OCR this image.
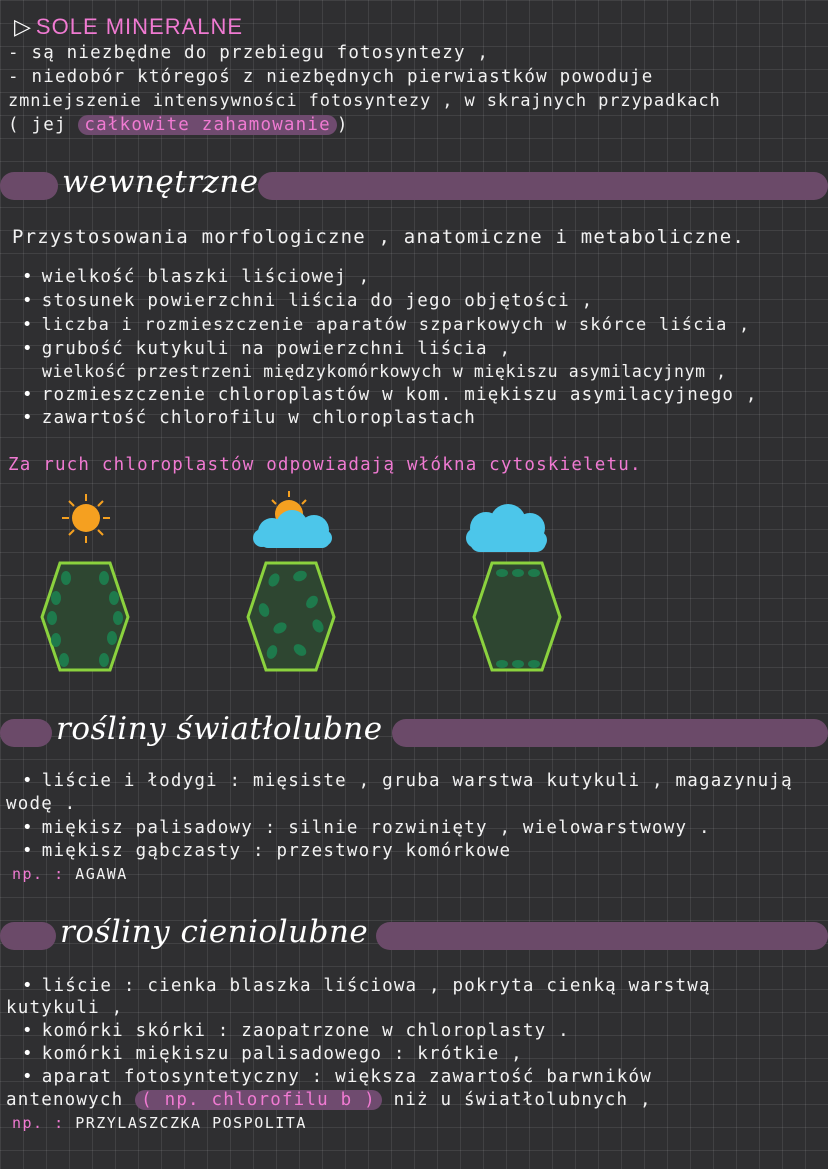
▷ SOLE MINERALNE
- są niezbędne do przebiegu fotosyntezy ,
- niedobór któregoś z niezbędnych pierwiastków powoduje
zmniejszenie intensywności fotosyntezy , w skrajnych przypadkach
( jej całkowite zahamowanie )
wewnętrzne
Przystosowania morfologiczne , anatomiczne i metaboliczne.
• wielkość blaszki liściowej ,
• stosunek powierzchni liścia do jego objętości ,
• liczba i rozmieszczenie aparatów szparkowych w skórce liścia ,
• grubość kutykuli na powierzchni liścia ,
wielkość przestrzeni międzykomórkowych w miękiszu asymilacyjnym ,
• rozmieszczenie chloroplastów w kom. miękiszu asymilacyjnego ,
• zawartość chlorofilu w chloroplastach
Za ruch chloroplastów odpowiadają włókna cytoskieletu.
rośliny światłolubne
• liście i łodygi : mięsiste , gruba warstwa kutykuli , magazynują
wodę .
• miękisz palisadowy : silnie rozwinięty , wielowarstwowy .
• miękisz gąbczasty : przestwory komórkowe
np. : AGAWA
rośliny cieniolubne
• liście : cienka blaszka liściowa , pokryta cienką warstwą
kutykuli ,
• komórki skórki : zaopatrzone w chloroplasty .
• komórki miękiszu palisadowego : krótkie ,
• aparat fotosyntetyczny : większa zawartość barwników
antenowych ( np. chlorofilu b ) niż u światłolubnych ,
np. : PRZYLASZCZKA POSPOLITA
